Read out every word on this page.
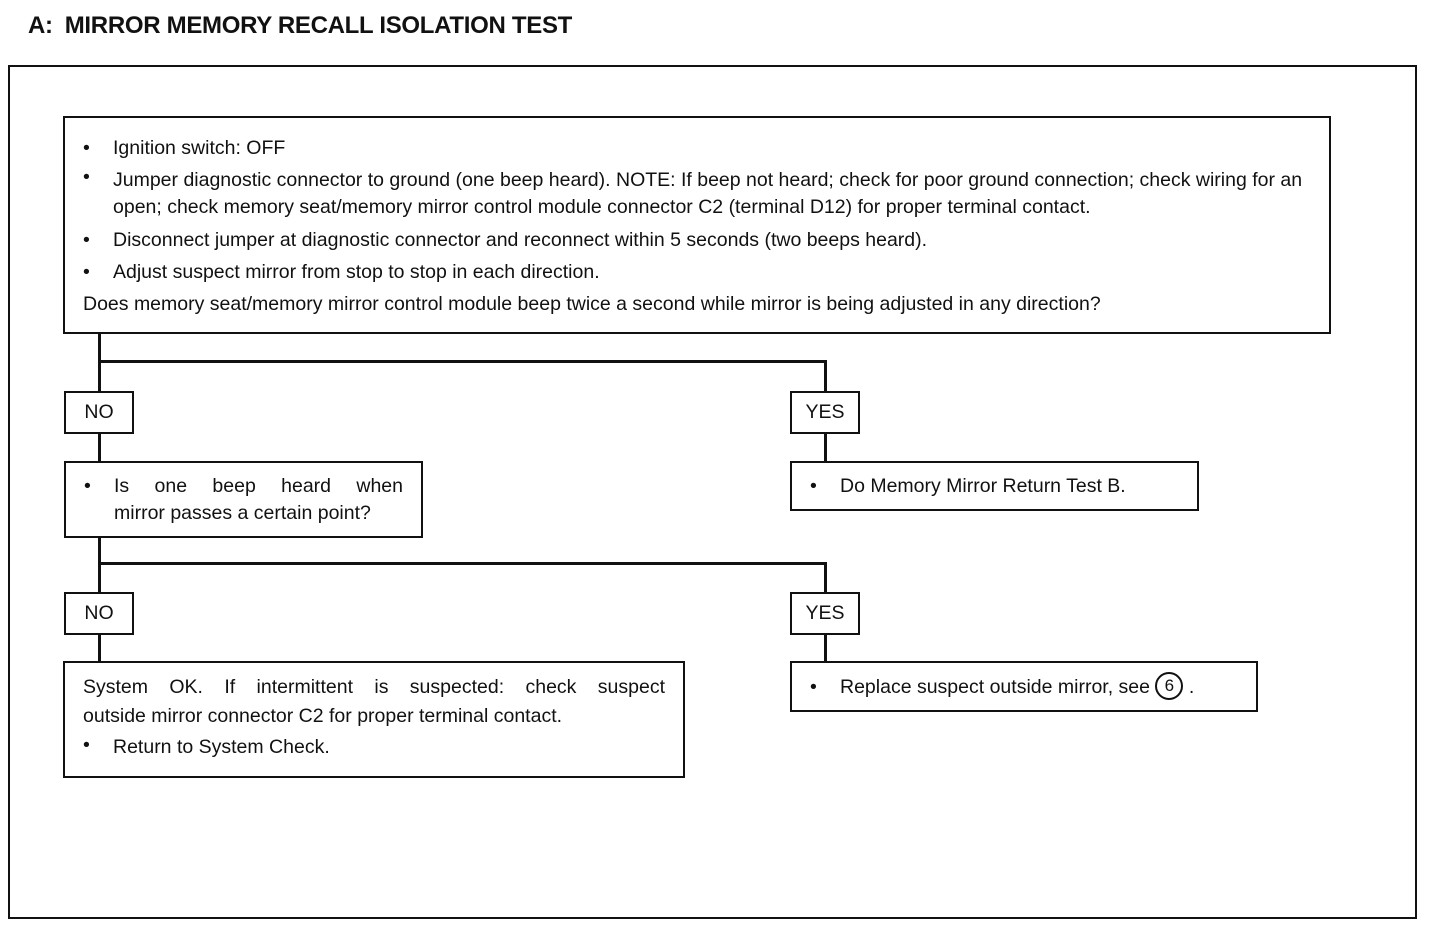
A: MIRROR MEMORY RECALL ISOLATION TEST
• Ignition switch: OFF
• Jumper diagnostic connector to ground (one beep heard). NOTE: If beep not heard; check for poor ground connection; check wiring for an open; check memory seat/memory mirror control module connector C2 (terminal D12) for proper terminal contact.
• Disconnect jumper at diagnostic connector and reconnect within 5 seconds (two beeps heard).
• Adjust suspect mirror from stop to stop in each direction.
Does memory seat/memory mirror control module beep twice a second while mirror is being adjusted in any direction?
NO	YES
• Is one beep heard when
mirror passes a certain point?
• Do Memory Mirror Return Test B.
NO	YES
System OK. If intermittent is suspected: check suspect
outside mirror connector C2 for proper terminal contact.
• Return to System Check.
• Replace suspect outside mirror, see 6 .
